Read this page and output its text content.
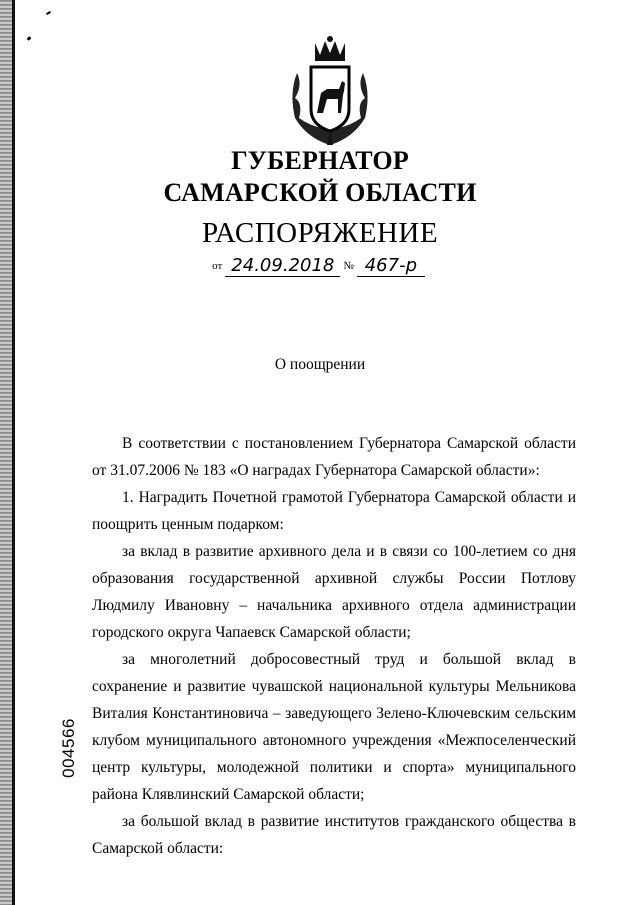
004566
ГУБЕРНАТОР
САМАРСКОЙ ОБЛАСТИ
РАСПОРЯЖЕНИЕ
от 24.09.2018 № 467-р
О поощрении

В соответствии с постановлением Губернатора Самарской области от 31.07.2006 № 183 «О наградах Губернатора Самарской области»:

1. Наградить Почетной грамотой Губернатора Самарской области и поощрить ценным подарком:

за вклад в развитие архивного дела и в связи со 100-летием со дня образования государственной архивной службы России Потлову Людмилу Ивановну – начальника архивного отдела администрации городского округа Чапаевск Самарской области;

за многолетний добросовестный труд и большой вклад в сохранение и развитие чувашской национальной культуры Мельникова Виталия Константиновича – заведующего Зелено-Ключевским сельским клубом муниципального автономного учреждения «Межпоселенческий центр культуры, молодежной политики и спорта» муниципального района Клявлинский Самарской области;

за большой вклад в развитие институтов гражданского общества в Самарской области:
